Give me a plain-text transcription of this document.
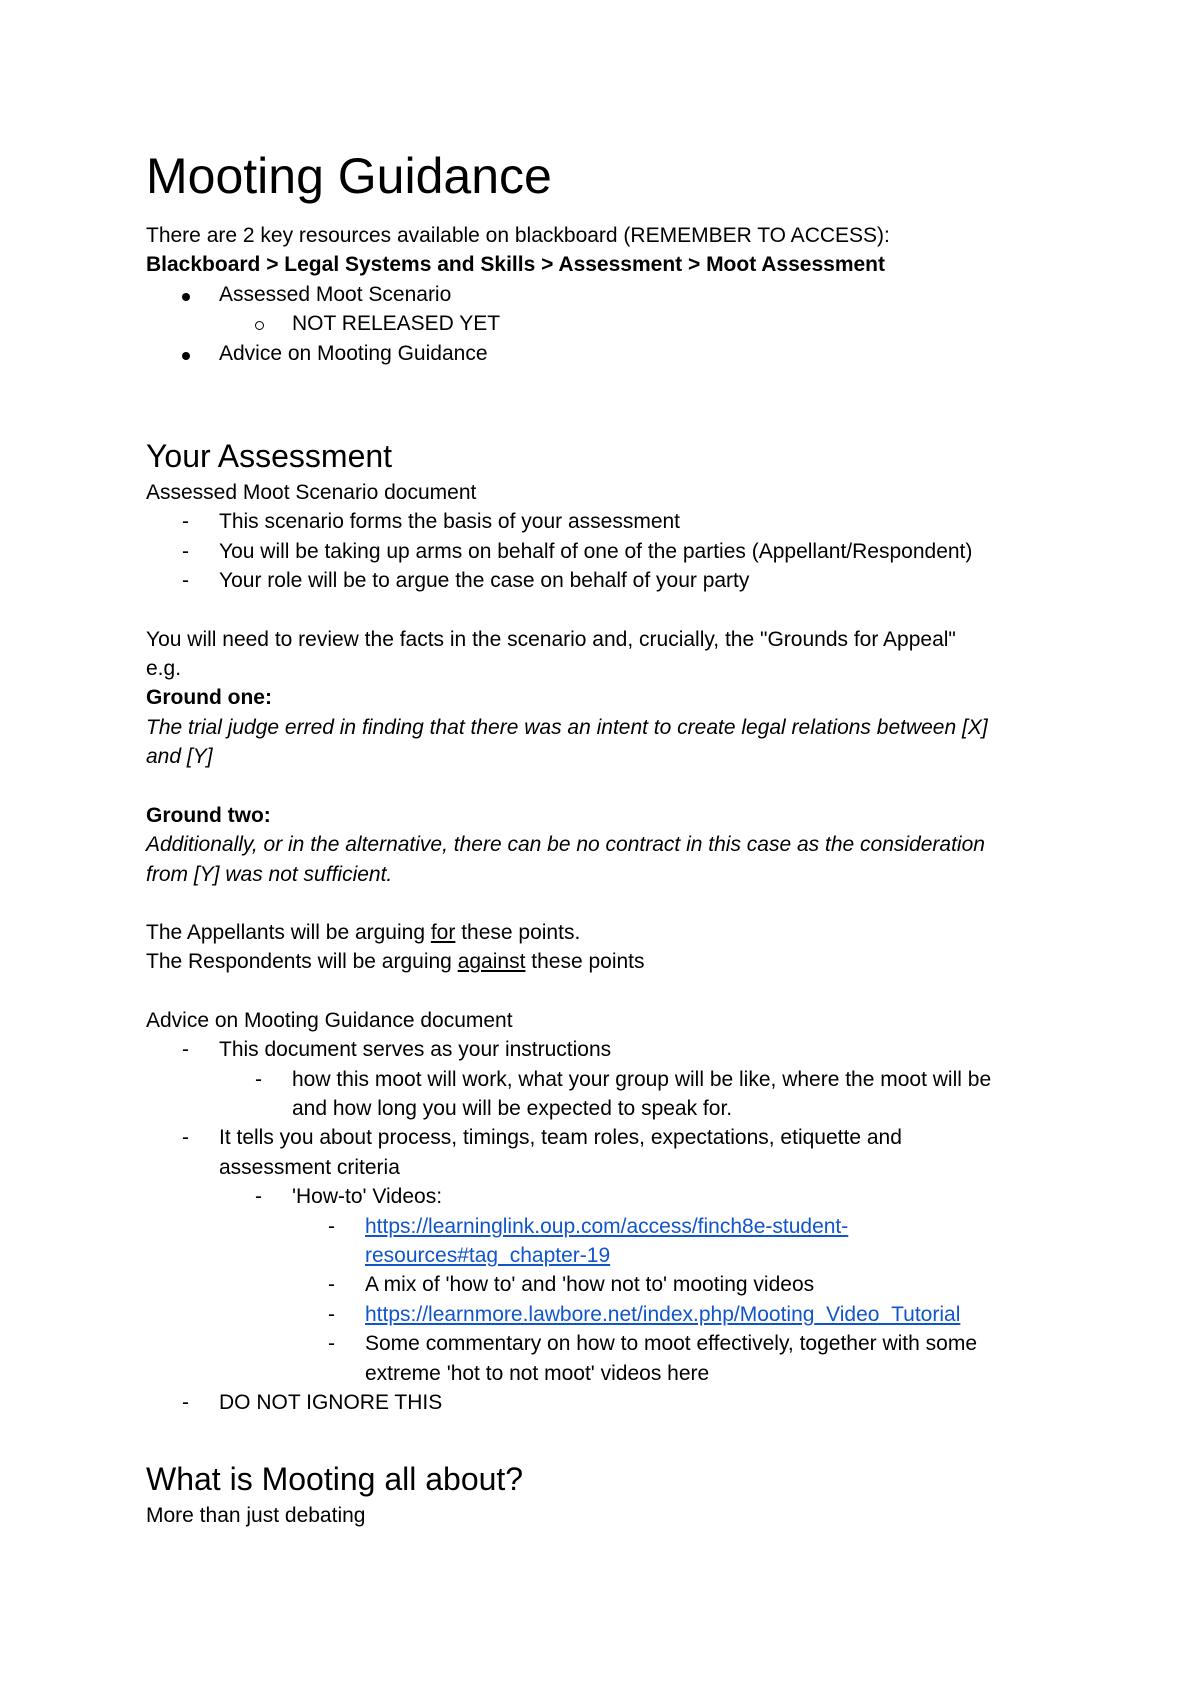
Mooting Guidance

There are 2 key resources available on blackboard (REMEMBER TO ACCESS):

Blackboard > Legal Systems and Skills > Assessment > Moot Assessment

Assessed Moot Scenario
NOT RELEASED YET
Advice on Mooting Guidance
Your Assessment

Assessed Moot Scenario document

-	This scenario forms the basis of your assessment
-	You will be taking up arms on behalf of one of the parties (Appellant/Respondent)
-	Your role will be to argue the case on behalf of your party

You will need to review the facts in the scenario and, crucially, the "Grounds for Appeal"

e.g.

Ground one:

The trial judge erred in finding that there was an intent to create legal relations between [X]

and [Y]

Ground two:

Additionally, or in the alternative, there can be no contract in this case as the consideration

from [Y] was not sufficient.

The Appellants will be arguing for these points.

The Respondents will be arguing against these points

Advice on Mooting Guidance document

-	This document serves as your instructions
-	how this moot will work, what your group will be like, where the moot will be
and how long you will be expected to speak for.
-	It tells you about process, timings, team roles, expectations, etiquette and
assessment criteria
-	'How-to' Videos:
-	https://learninglink.oup.com/access/finch8e-student-
resources#tag_chapter-19
-	A mix of 'how to' and 'how not to' mooting videos
-	https://learnmore.lawbore.net/index.php/Mooting_Video_Tutorial
-	Some commentary on how to moot effectively, together with some
extreme 'hot to not moot' videos here
-	DO NOT IGNORE THIS
What is Mooting all about?

More than just debating
